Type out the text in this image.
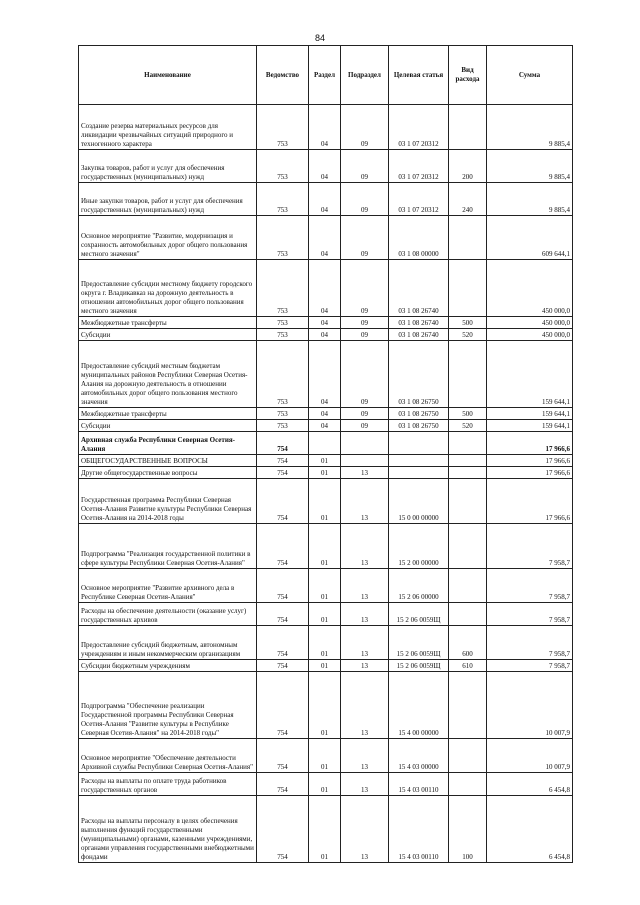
84
Наименование	Ведомство	Раздел	Подраздел	Целевая статья	Вид расхода	Сумма
Создание резерва материальных ресурсов для ликвидации чрезвычайных ситуаций природного и техногенного характера	753	04	09	03 1 07 20312		9 885,4
Закупка товаров, работ и услуг для обеспечения государственных (муниципальных) нужд	753	04	09	03 1 07 20312	200	9 885,4
Иные закупки товаров, работ и услуг для обеспечения государственных (муниципальных) нужд	753	04	09	03 1 07 20312	240	9 885,4
Основное мероприятие "Развитие, модернизация и сохранность автомобильных дорог общего пользования местного значения"	753	04	09	03 1 08 00000		609 644,1
Предоставление субсидии местному бюджету городского округа г. Владикавказ на дорожную деятельность в отношении автомобильных дорог общего пользования местного значения	753	04	09	03 1 08 26740		450 000,0
Межбюджетные трансферты	753	04	09	03 1 08 26740	500	450 000,0
Субсидии	753	04	09	03 1 08 26740	520	450 000,0
Предоставление субсидий местным бюджетам муниципальных районов Республики Северная Осетия-Алания на дорожную деятельность в отношении автомобильных дорог общего пользования местного значения	753	04	09	03 1 08 26750		159 644,1
Межбюджетные трансферты	753	04	09	03 1 08 26750	500	159 644,1
Субсидии	753	04	09	03 1 08 26750	520	159 644,1
Архивная служба Республики Северная Осетия-Алания	754					17 966,6
ОБЩЕГОСУДАРСТВЕННЫЕ ВОПРОСЫ	754	01				17 966,6
Другие общегосударственные вопросы	754	01	13			17 966,6
Государственная программа Республики Северная Осетия-Алания Развитие культуры Республики Северная Осетия-Алания на 2014-2018 годы	754	01	13	15 0 00 00000		17 966,6
Подпрограмма "Реализация государственной политики в сфере культуры Республики Северная Осетия-Алания"	754	01	13	15 2 00 00000		7 958,7
Основное мероприятие "Развитие архивного дела в Республике Северная Осетия-Алания"	754	01	13	15 2 06 00000		7 958,7
Расходы на обеспечение деятельности (оказание услуг) государственных архивов	754	01	13	15 2 06 0059Щ		7 958,7
Предоставление субсидий бюджетным, автономным учреждениям и иным некоммерческим организациям	754	01	13	15 2 06 0059Щ	600	7 958,7
Субсидии бюджетным учреждениям	754	01	13	15 2 06 0059Щ	610	7 958,7
Подпрограмма "Обеспечение реализации Государственной программы Республики Северная Осетия-Алания "Развитие культуры в Республике Северная Осетия-Алания" на 2014-2018 годы"	754	01	13	15 4 00 00000		10 007,9
Основное мероприятие "Обеспечение деятельности Архивной службы Республики Северная Осетия-Алания"	754	01	13	15 4 03 00000		10 007,9
Расходы на выплаты по оплате труда работников государственных органов	754	01	13	15 4 03 00110		6 454,8
Расходы на выплаты персоналу в целях обеспечения выполнения функций государственными (муниципальными) органами, казенными учреждениями, органами управления государственными внебюджетными фондами	754	01	13	15 4 03 00110	100	6 454,8
